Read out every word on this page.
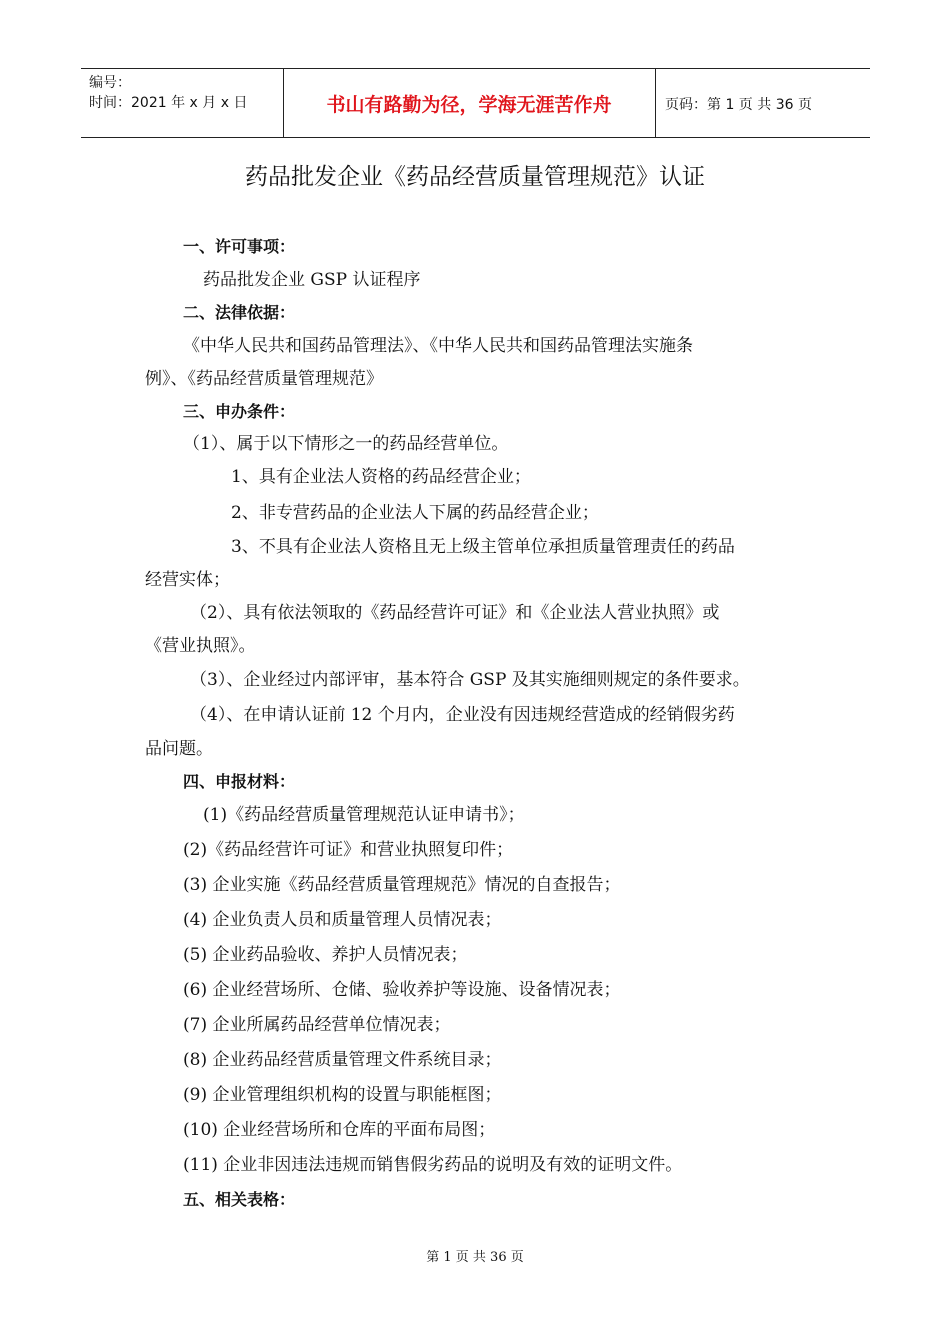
编号：
时间：2021 年 x 月 x 日	书山有路勤为径，学海无涯苦作舟	页码：第 1 页 共 36 页
药品批发企业《药品经营质量管理规范》认证
一、许可事项：
药品批发企业 GSP 认证程序
二、法律依据：
《中华人民共和国药品管理法》、《中华人民共和国药品管理法实施条
例》、《药品经营质量管理规范》
三、申办条件：
（1）、属于以下情形之一的药品经营单位。
1、具有企业法人资格的药品经营企业；
2、非专营药品的企业法人下属的药品经营企业；
3、不具有企业法人资格且无上级主管单位承担质量管理责任的药品
经营实体；
（2）、具有依法领取的《药品经营许可证》和《企业法人营业执照》或
《营业执照》。
（3）、企业经过内部评审，基本符合 GSP 及其实施细则规定的条件要求。
（4）、在申请认证前 12 个月内，企业没有因违规经营造成的经销假劣药
品问题。
四、申报材料：
(1)《药品经营质量管理规范认证申请书》；
(2)《药品经营许可证》和营业执照复印件；
(3) 企业实施《药品经营质量管理规范》情况的自查报告；
(4) 企业负责人员和质量管理人员情况表；
(5) 企业药品验收、养护人员情况表；
(6) 企业经营场所、仓储、验收养护等设施、设备情况表；
(7) 企业所属药品经营单位情况表；
(8) 企业药品经营质量管理文件系统目录；
(9) 企业管理组织机构的设置与职能框图；
(10) 企业经营场所和仓库的平面布局图；
(11) 企业非因违法违规而销售假劣药品的说明及有效的证明文件。
五、相关表格：
第 1 页 共 36 页
